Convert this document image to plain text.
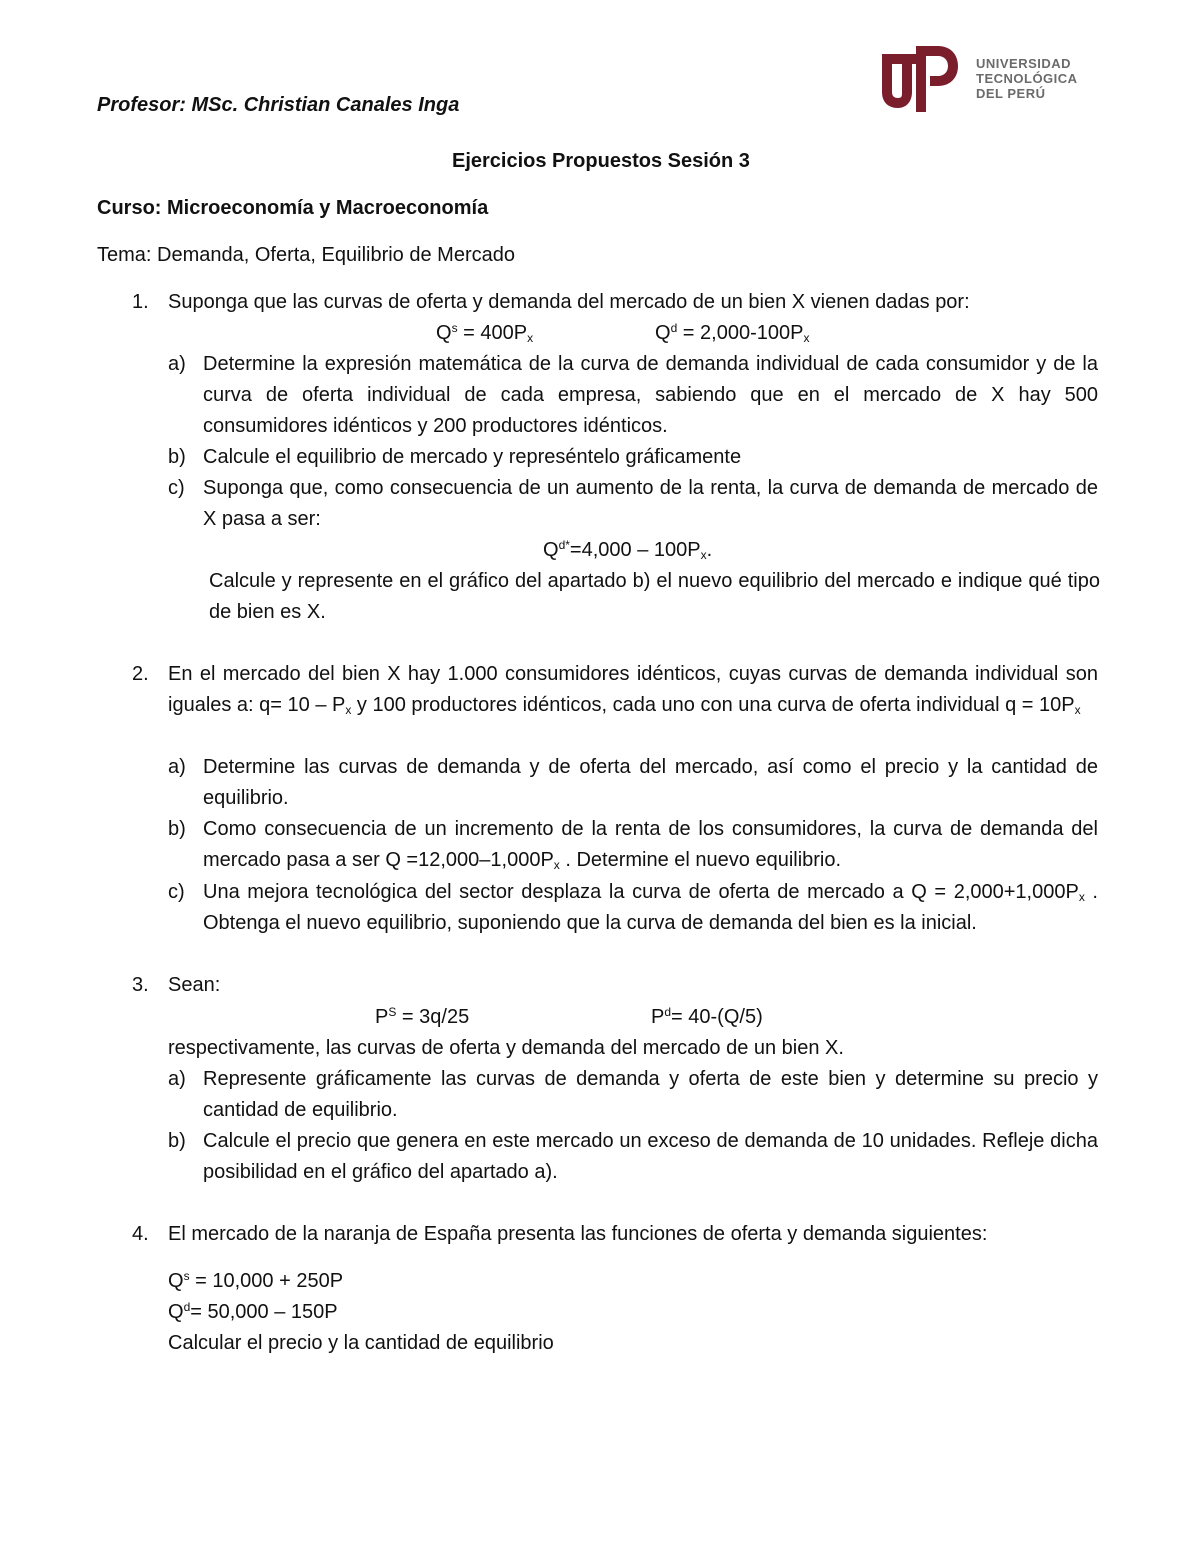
Profesor: MSc. Christian Canales Inga
UNIVERSIDAD
TECNOLÓGICA
DEL PERÚ
Ejercicios Propuestos Sesión 3
Curso: Microeconomía y Macroeconomía
Tema: Demanda, Oferta, Equilibrio de Mercado
1. Suponga que las curvas de oferta y demanda del mercado de un bien X vienen dadas por:
$Q^s = 400P_x$	$Q^d = 2,000-100P_x$
a) Determine la expresión matemática de la curva de demanda individual de cada consumidor y de la curva de oferta individual de cada empresa, sabiendo que en el mercado de X hay 500 consumidores idénticos y 200 productores idénticos.
b) Calcule el equilibrio de mercado y represéntelo gráficamente
c) Suponga que, como consecuencia de un aumento de la renta, la curva de demanda de mercado de X pasa a ser:
$Q^{d*}=4,000 - 100P_x$.
Calcule y represente en el gráfico del apartado b) el nuevo equilibrio del mercado e indique qué tipo de bien es X.
2. En el mercado del bien X hay 1.000 consumidores idénticos, cuyas curvas de demanda individual son iguales a: $q= 10 - P_x$ y 100 productores idénticos, cada uno con una curva de oferta individual $q = 10P_x$
a) Determine las curvas de demanda y de oferta del mercado, así como el precio y la cantidad de equilibrio.
b) Como consecuencia de un incremento de la renta de los consumidores, la curva de demanda del mercado pasa a ser $Q =12,000-1,000P_x$ . Determine el nuevo equilibrio.
c) Una mejora tecnológica del sector desplaza la curva de oferta de mercado a $Q = 2,000+1,000P_x$ . Obtenga el nuevo equilibrio, suponiendo que la curva de demanda del bien es la inicial.
3. Sean:
$P^S = 3q/25$	$P^d= 40-(Q/5)$
respectivamente, las curvas de oferta y demanda del mercado de un bien X.
a) Represente gráficamente las curvas de demanda y oferta de este bien y determine su precio y cantidad de equilibrio.
b) Calcule el precio que genera en este mercado un exceso de demanda de 10 unidades. Refleje dicha posibilidad en el gráfico del apartado a).
4. El mercado de la naranja de España presenta las funciones de oferta y demanda siguientes:
$Q^s = 10,000 + 250P$
$Q^d= 50,000 - 150P$
Calcular el precio y la cantidad de equilibrio
